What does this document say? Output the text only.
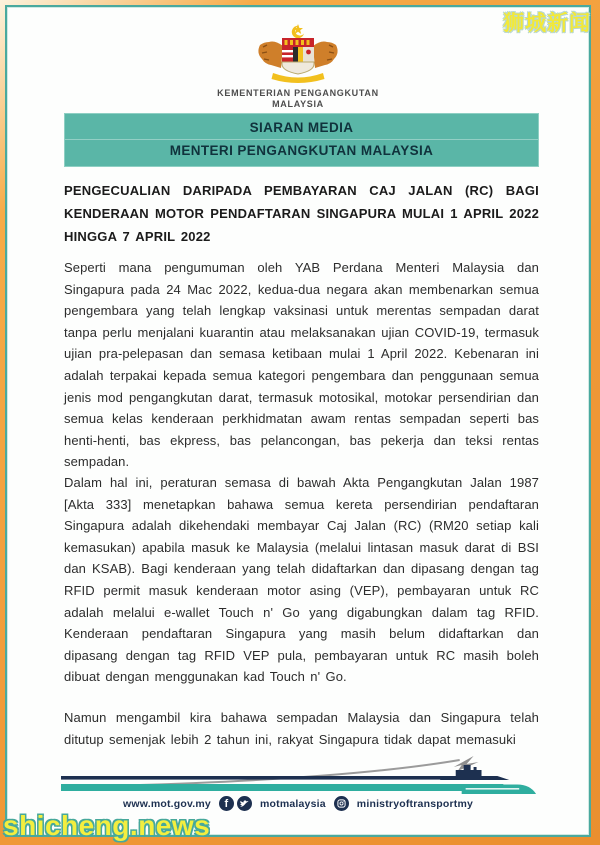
KEMENTERIAN PENGANGKUTAN
MALAYSIA
SIARAN MEDIA
MENTERI PENGANGKUTAN MALAYSIA
PENGECUALIAN DARIPADA PEMBAYARAN CAJ JALAN (RC) BAGI KENDERAAN MOTOR PENDAFTARAN SINGAPURA MULAI 1 APRIL 2022 HINGGA 7 APRIL 2022

Seperti mana pengumuman oleh YAB Perdana Menteri Malaysia dan Singapura pada 24 Mac 2022, kedua-dua negara akan membenarkan semua pengembara yang telah lengkap vaksinasi untuk merentas sempadan darat tanpa perlu menjalani kuarantin atau melaksanakan ujian COVID-19, termasuk ujian pra-pelepasan dan semasa ketibaan mulai 1 April 2022. Kebenaran ini adalah terpakai kepada semua kategori pengembara dan penggunaan semua jenis mod pengangkutan darat, termasuk motosikal, motokar persendirian dan semua kelas kenderaan perkhidmatan awam rentas sempadan seperti bas henti-henti, bas ekpress, bas pelancongan, bas pekerja dan teksi rentas sempadan.

Dalam hal ini, peraturan semasa di bawah Akta Pengangkutan Jalan 1987 [Akta 333] menetapkan bahawa semua kereta persendirian pendaftaran Singapura adalah dikehendaki membayar Caj Jalan (RC) (RM20 setiap kali kemasukan) apabila masuk ke Malaysia (melalui lintasan masuk darat di BSI dan KSAB). Bagi kenderaan yang telah didaftarkan dan dipasang dengan tag RFID permit masuk kenderaan motor asing (VEP), pembayaran untuk RC adalah melalui e-wallet Touch n' Go yang digabungkan dalam tag RFID. Kenderaan pendaftaran Singapura yang masih belum didaftarkan dan dipasang dengan tag RFID VEP pula, pembayaran untuk RC masih boleh dibuat dengan menggunakan kad Touch n' Go.

Namun mengambil kira bahawa sempadan Malaysia dan Singapura telah ditutup semenjak lebih 2 tahun ini, rakyat Singapura tidak dapat memasuki

www.mot.gov.my	f	motmalaysia	ministryoftransportmy
狮城新闻
shicheng.news
